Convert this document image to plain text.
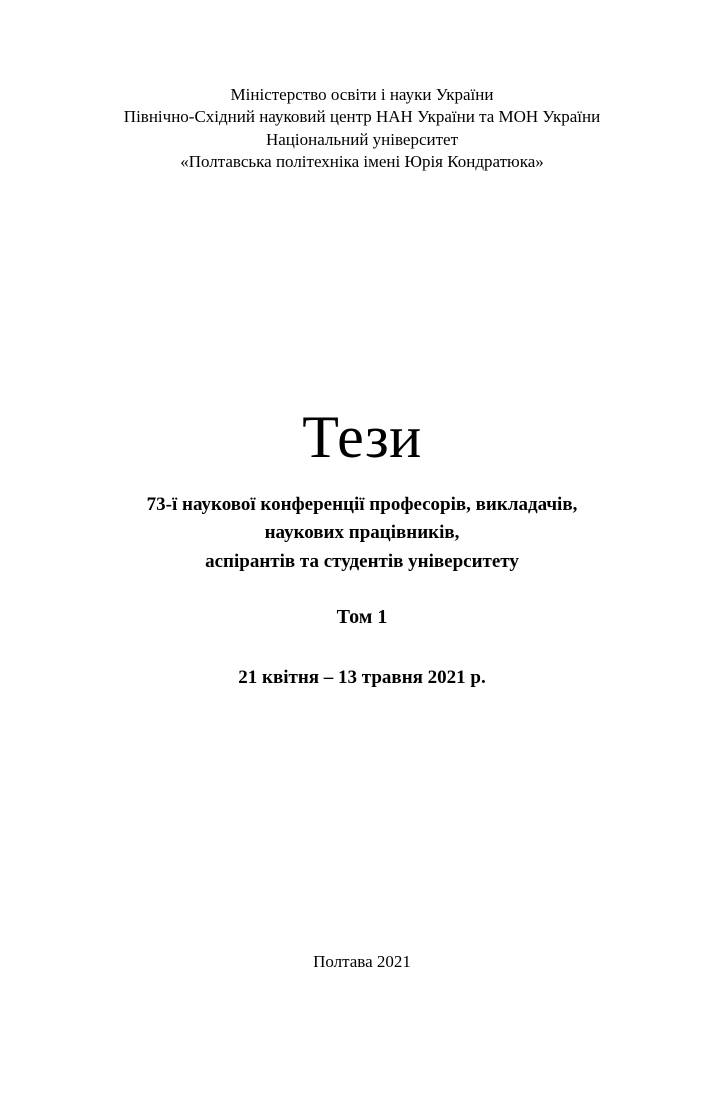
Міністерство освіти і науки України
Північно-Східний науковий центр НАН України та МОН України
Національний університет
«Полтавська політехніка імені Юрія Кондратюка»
Тези
73-ї наукової конференції професорів, викладачів,
наукових працівників,
аспірантів та студентів університету
Том 1
21 квітня – 13 травня 2021 р.
Полтава 2021
